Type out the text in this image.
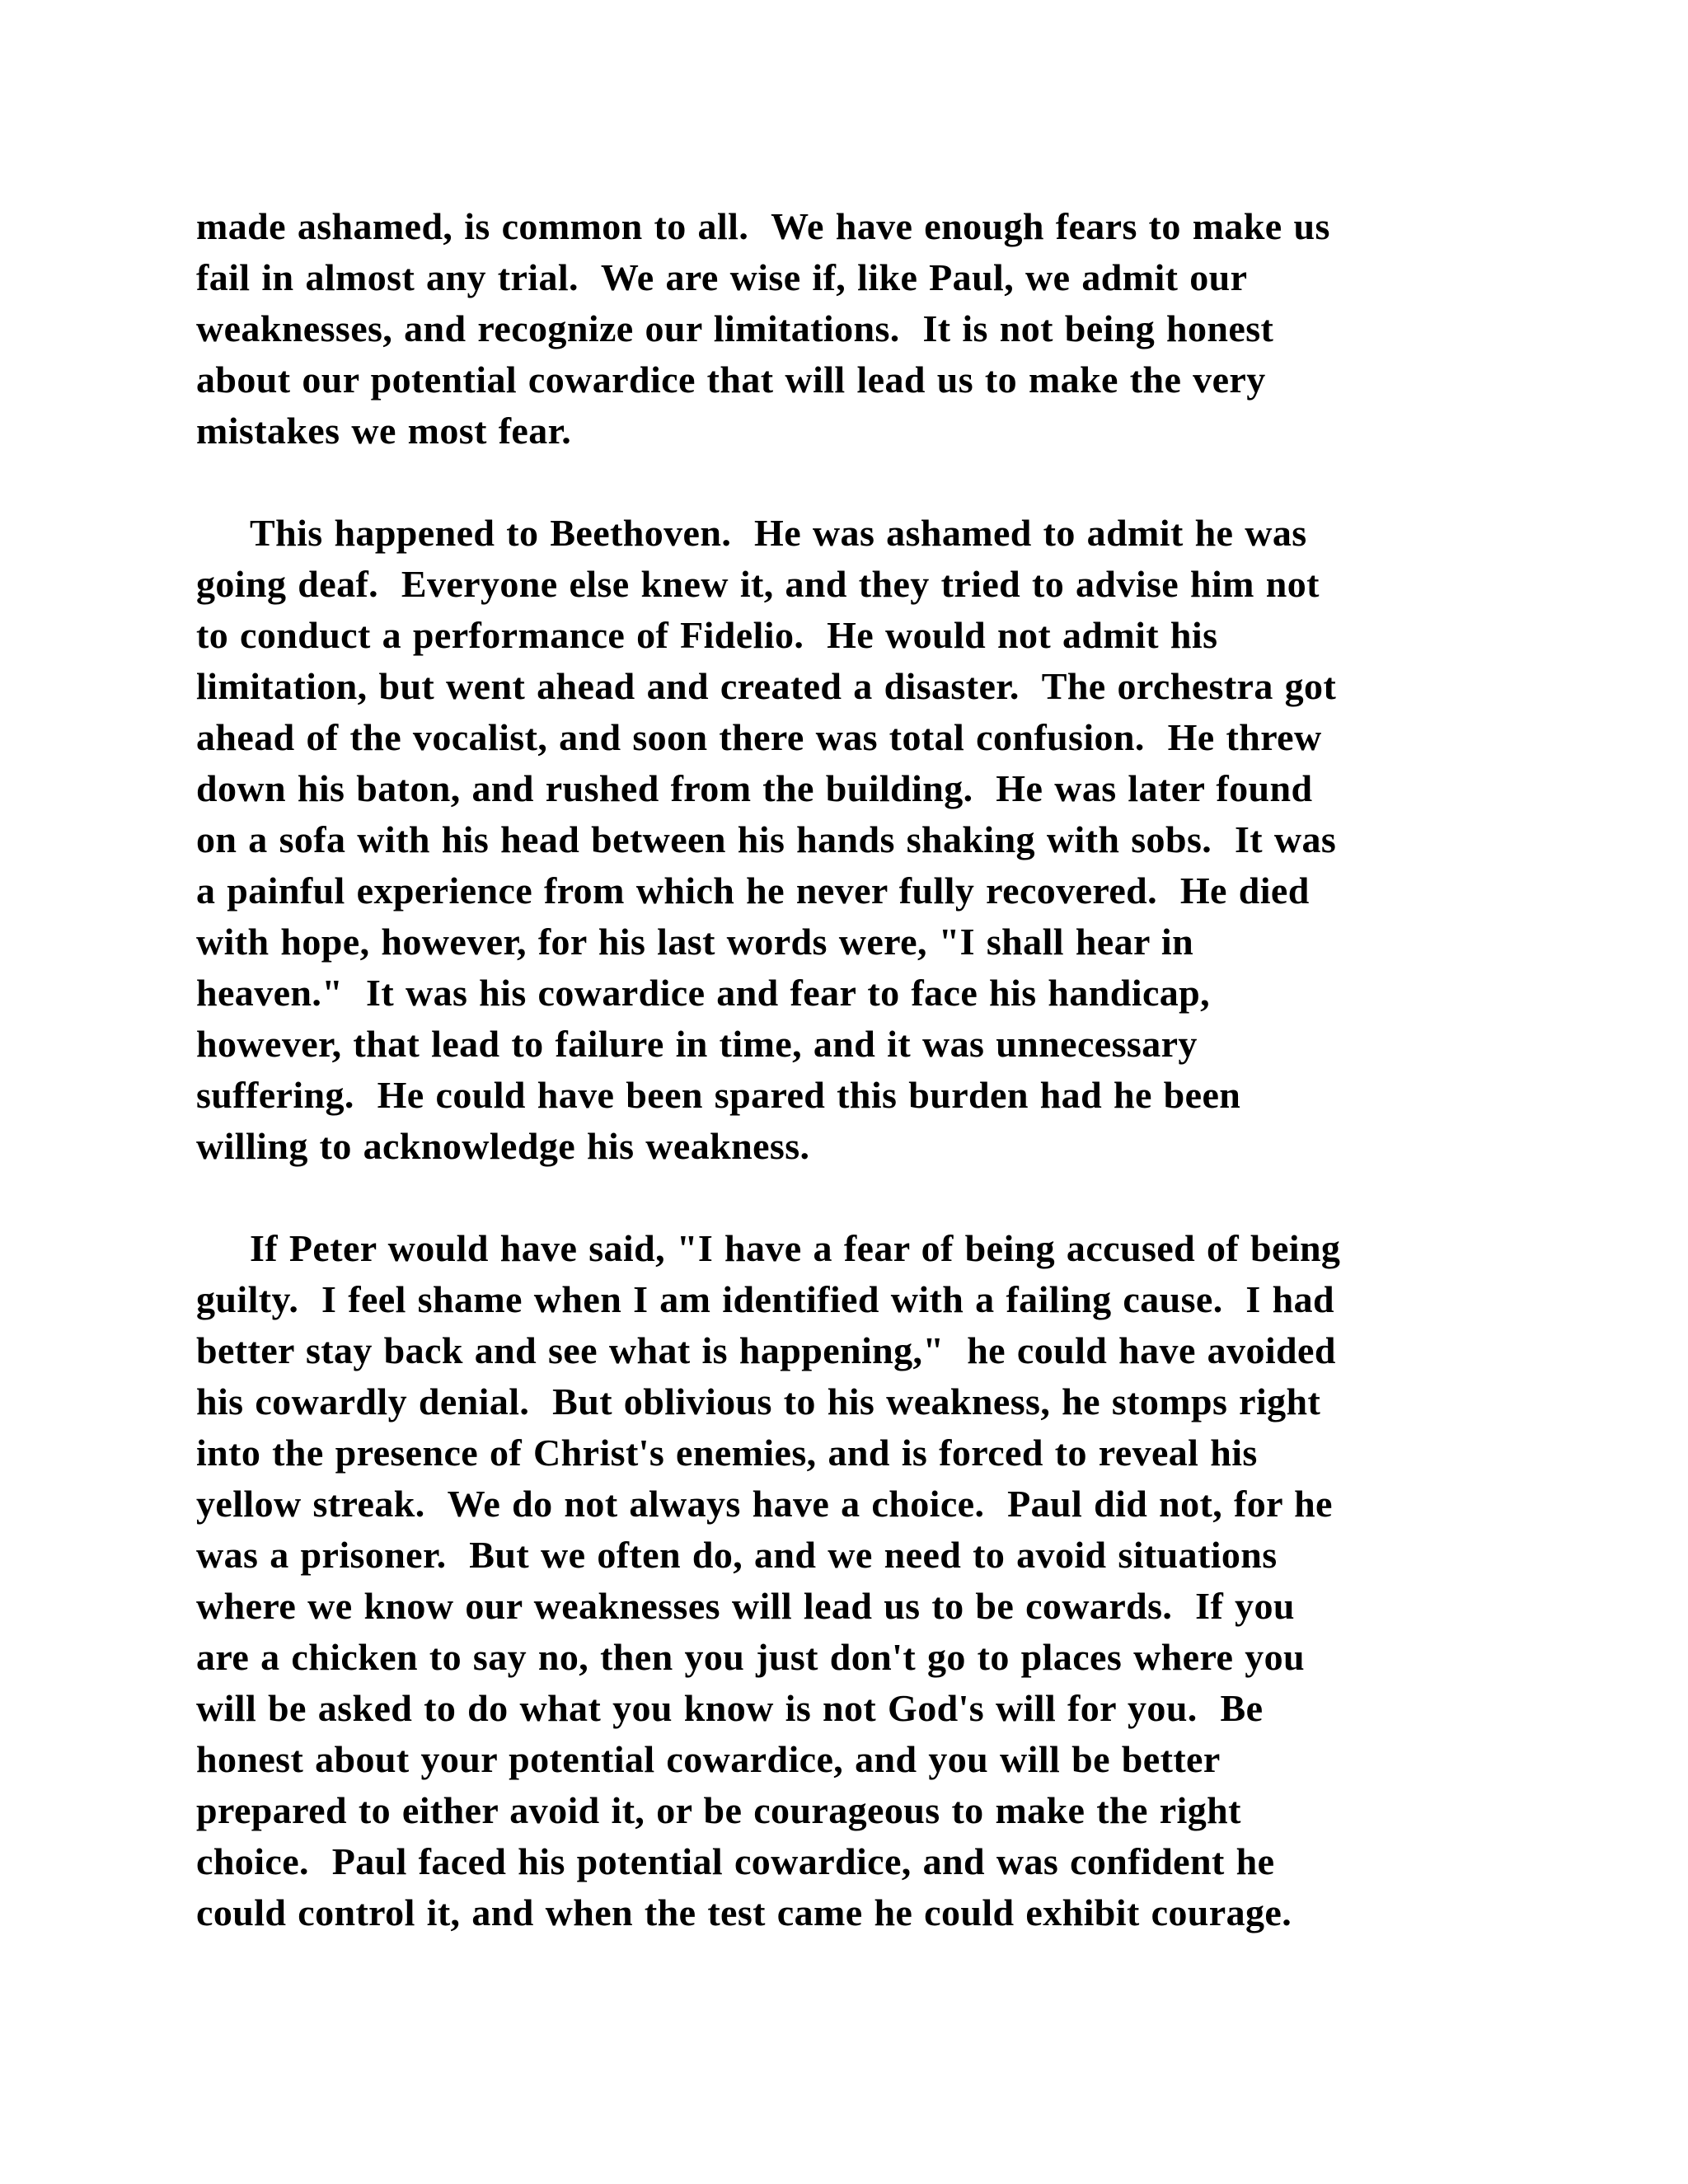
made ashamed, is common to all.  We have enough fears to make us
fail in almost any trial.  We are wise if, like Paul, we admit our
weaknesses, and recognize our limitations.  It is not being honest
about our potential cowardice that will lead us to make the very
mistakes we most fear.
This happened to Beethoven.  He was ashamed to admit he was
going deaf.  Everyone else knew it, and they tried to advise him not
to conduct a performance of Fidelio.  He would not admit his
limitation, but went ahead and created a disaster.  The orchestra got
ahead of the vocalist, and soon there was total confusion.  He threw
down his baton, and rushed from the building.  He was later found
on a sofa with his head between his hands shaking with sobs.  It was
a painful experience from which he never fully recovered.  He died
with hope, however, for his last words were, "I shall hear in
heaven."  It was his cowardice and fear to face his handicap,
however, that lead to failure in time, and it was unnecessary
suffering.  He could have been spared this burden had he been
willing to acknowledge his weakness.
If Peter would have said, "I have a fear of being accused of being
guilty.  I feel shame when I am identified with a failing cause.  I had
better stay back and see what is happening,"  he could have avoided
his cowardly denial.  But oblivious to his weakness, he stomps right
into the presence of Christ's enemies, and is forced to reveal his
yellow streak.  We do not always have a choice.  Paul did not, for he
was a prisoner.  But we often do, and we need to avoid situations
where we know our weaknesses will lead us to be cowards.  If you
are a chicken to say no, then you just don't go to places where you
will be asked to do what you know is not God's will for you.  Be
honest about your potential cowardice, and you will be better
prepared to either avoid it, or be courageous to make the right
choice.  Paul faced his potential cowardice, and was confident he
could control it, and when the test came he could exhibit courage.
